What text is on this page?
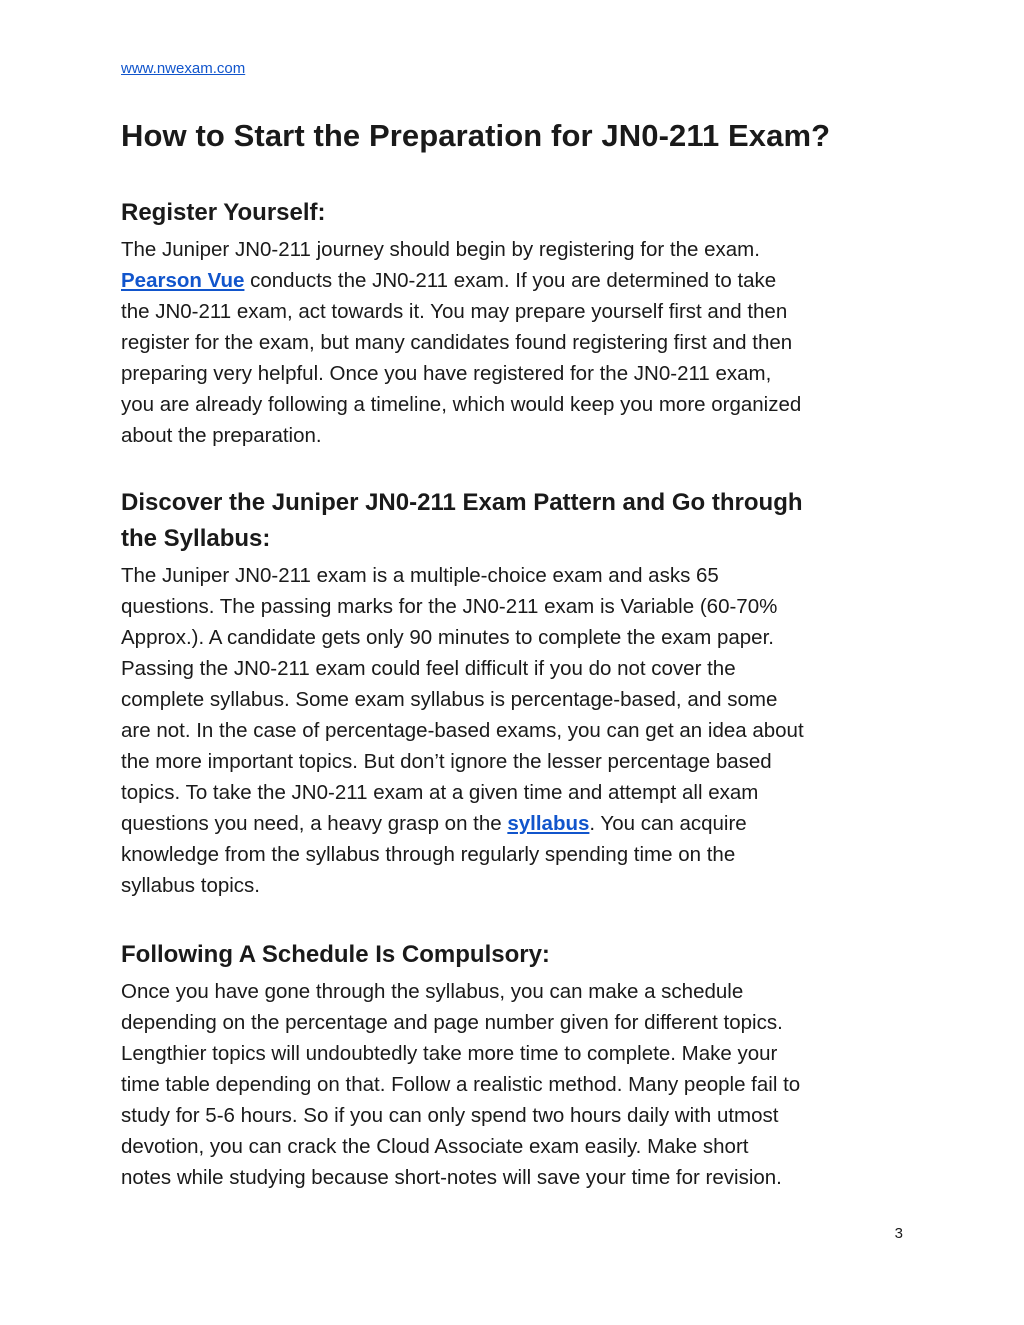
www.nwexam.com
How to Start the Preparation for JN0-211 Exam?
Register Yourself:

The Juniper JN0-211 journey should begin by registering for the exam.
Pearson Vue conducts the JN0-211 exam. If you are determined to take
the JN0-211 exam, act towards it. You may prepare yourself first and then
register for the exam, but many candidates found registering first and then
preparing very helpful. Once you have registered for the JN0-211 exam,
you are already following a timeline, which would keep you more organized
about the preparation.

Discover the Juniper JN0-211 Exam Pattern and Go through
the Syllabus:

The Juniper JN0-211 exam is a multiple-choice exam and asks 65
questions. The passing marks for the JN0-211 exam is Variable (60-70%
Approx.). A candidate gets only 90 minutes to complete the exam paper.
Passing the JN0-211 exam could feel difficult if you do not cover the
complete syllabus. Some exam syllabus is percentage-based, and some
are not. In the case of percentage-based exams, you can get an idea about
the more important topics. But don’t ignore the lesser percentage based
topics. To take the JN0-211 exam at a given time and attempt all exam
questions you need, a heavy grasp on the syllabus. You can acquire
knowledge from the syllabus through regularly spending time on the
syllabus topics.

Following A Schedule Is Compulsory:

Once you have gone through the syllabus, you can make a schedule
depending on the percentage and page number given for different topics.
Lengthier topics will undoubtedly take more time to complete. Make your
time table depending on that. Follow a realistic method. Many people fail to
study for 5-6 hours. So if you can only spend two hours daily with utmost
devotion, you can crack the Cloud Associate exam easily. Make short
notes while studying because short-notes will save your time for revision.

3
